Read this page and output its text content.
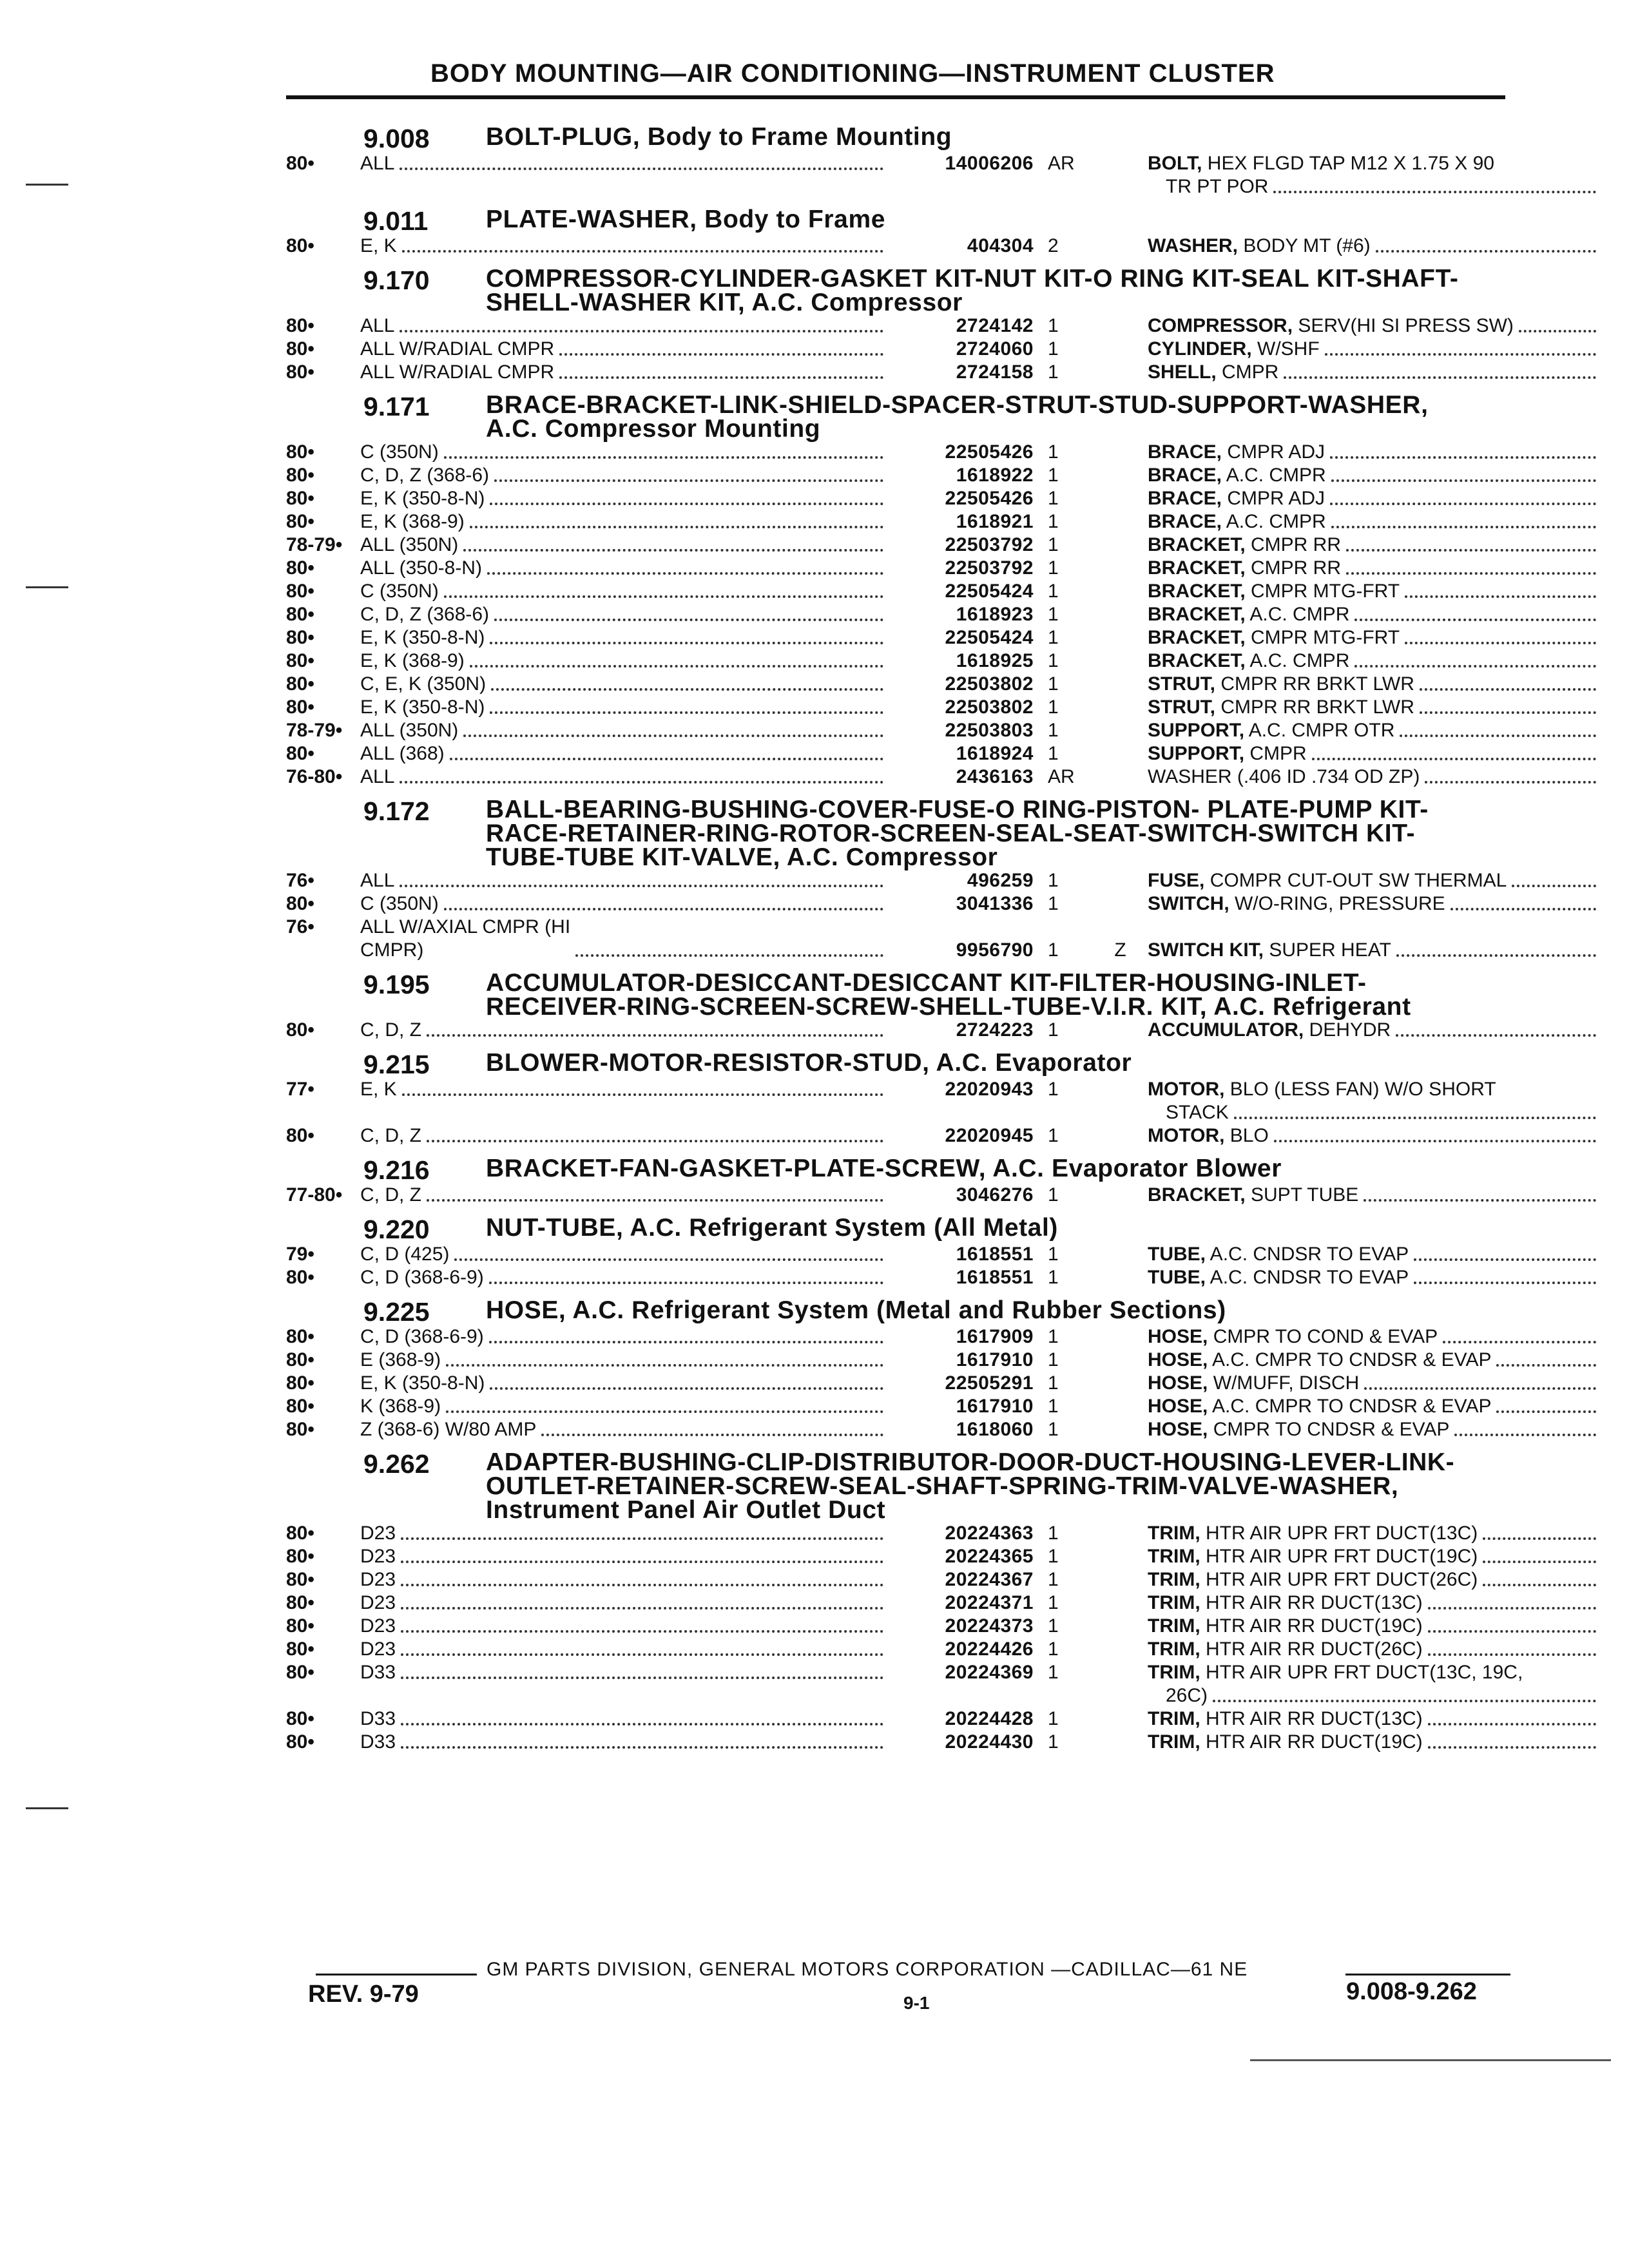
BODY MOUNTING—AIR CONDITIONING—INSTRUMENT CLUSTER
9.008	BOLT-PLUG, Body to Frame Mounting
80•	ALL	14006206 AR	BOLT, HEX FLGD TAP M12 X 1.75 X 90
TR PT POR
9.011	PLATE-WASHER, Body to Frame
80•	E, K	404304 2	WASHER, BODY MT (#6)
9.170	COMPRESSOR-CYLINDER-GASKET KIT-NUT KIT-O RING KIT-SEAL KIT-SHAFT-SHELL-WASHER KIT, A.C. Compressor
80•	ALL	2724142 1	COMPRESSOR, SERV(HI SI PRESS SW)
80•	ALL W/RADIAL CMPR	2724060 1	CYLINDER, W/SHF
80•	ALL W/RADIAL CMPR	2724158 1	SHELL, CMPR
9.171	BRACE-BRACKET-LINK-SHIELD-SPACER-STRUT-STUD-SUPPORT-WASHER, A.C. Compressor Mounting
80•	C (350N)	22505426 1	BRACE, CMPR ADJ
80•	C, D, Z (368-6)	1618922 1	BRACE, A.C. CMPR
80•	E, K (350-8-N)	22505426 1	BRACE, CMPR ADJ
80•	E, K (368-9)	1618921 1	BRACE, A.C. CMPR
78-79• ALL (350N)	22503792 1	BRACKET, CMPR RR
80•	ALL (350-8-N)	22503792 1	BRACKET, CMPR RR
80•	C (350N)	22505424 1	BRACKET, CMPR MTG-FRT
80•	C, D, Z (368-6)	1618923 1	BRACKET, A.C. CMPR
80•	E, K (350-8-N)	22505424 1	BRACKET, CMPR MTG-FRT
80•	E, K (368-9)	1618925 1	BRACKET, A.C. CMPR
80•	C, E, K (350N)	22503802 1	STRUT, CMPR RR BRKT LWR
80•	E, K (350-8-N)	22503802 1	STRUT, CMPR RR BRKT LWR
78-79• ALL (350N)	22503803 1	SUPPORT, A.C. CMPR OTR
80•	ALL (368)	1618924 1	SUPPORT, CMPR
76-80• ALL	2436163 AR	WASHER (.406 ID .734 OD ZP)
9.172	BALL-BEARING-BUSHING-COVER-FUSE-O RING-PISTON- PLATE-PUMP KIT-RACE-RETAINER-RING-ROTOR-SCREEN-SEAL-SEAT-SWITCH-SWITCH KIT-TUBE-TUBE KIT-VALVE, A.C. Compressor
76•	ALL	496259 1	FUSE, COMPR CUT-OUT SW THERMAL
80•	C (350N)	3041336 1	SWITCH, W/O-RING, PRESSURE
76•	ALL W/AXIAL CMPR (HI
CMPR)	9956790 1	Z	SWITCH KIT, SUPER HEAT
9.195	ACCUMULATOR-DESICCANT-DESICCANT KIT-FILTER-HOUSING-INLET-RECEIVER-RING-SCREEN-SCREW-SHELL-TUBE-V.I.R. KIT, A.C. Refrigerant
80•	C, D, Z	2724223 1	ACCUMULATOR, DEHYDR
9.215	BLOWER-MOTOR-RESISTOR-STUD, A.C. Evaporator
77•	E, K	22020943 1	MOTOR, BLO (LESS FAN) W/O SHORT
STACK
80•	C, D, Z	22020945 1	MOTOR, BLO
9.216	BRACKET-FAN-GASKET-PLATE-SCREW, A.C. Evaporator Blower
77-80• C, D, Z	3046276 1	BRACKET, SUPT TUBE
9.220	NUT-TUBE, A.C. Refrigerant System (All Metal)
79•	C, D (425)	1618551 1	TUBE, A.C. CNDSR TO EVAP
80•	C, D (368-6-9)	1618551 1	TUBE, A.C. CNDSR TO EVAP
9.225	HOSE, A.C. Refrigerant System (Metal and Rubber Sections)
80•	C, D (368-6-9)	1617909 1	HOSE, CMPR TO COND & EVAP
80•	E (368-9)	1617910 1	HOSE, A.C. CMPR TO CNDSR & EVAP
80•	E, K (350-8-N)	22505291 1	HOSE, W/MUFF, DISCH
80•	K (368-9)	1617910 1	HOSE, A.C. CMPR TO CNDSR & EVAP
80•	Z (368-6) W/80 AMP	1618060 1	HOSE, CMPR TO CNDSR & EVAP
9.262	ADAPTER-BUSHING-CLIP-DISTRIBUTOR-DOOR-DUCT-HOUSING-LEVER-LINK-OUTLET-RETAINER-SCREW-SEAL-SHAFT-SPRING-TRIM-VALVE-WASHER, Instrument Panel Air Outlet Duct
80•	D23	20224363 1	TRIM, HTR AIR UPR FRT DUCT(13C)
80•	D23	20224365 1	TRIM, HTR AIR UPR FRT DUCT(19C)
80•	D23	20224367 1	TRIM, HTR AIR UPR FRT DUCT(26C)
80•	D23	20224371 1	TRIM, HTR AIR RR DUCT(13C)
80•	D23	20224373 1	TRIM, HTR AIR RR DUCT(19C)
80•	D23	20224426 1	TRIM, HTR AIR RR DUCT(26C)
80•	D33	20224369 1	TRIM, HTR AIR UPR FRT DUCT(13C, 19C,
26C)
80•	D33	20224428 1	TRIM, HTR AIR RR DUCT(13C)
80•	D33	20224430 1	TRIM, HTR AIR RR DUCT(19C)
GM PARTS DIVISION, GENERAL MOTORS CORPORATION —CADILLAC—61 NE
REV. 9-79	9-1	9.008-9.262
